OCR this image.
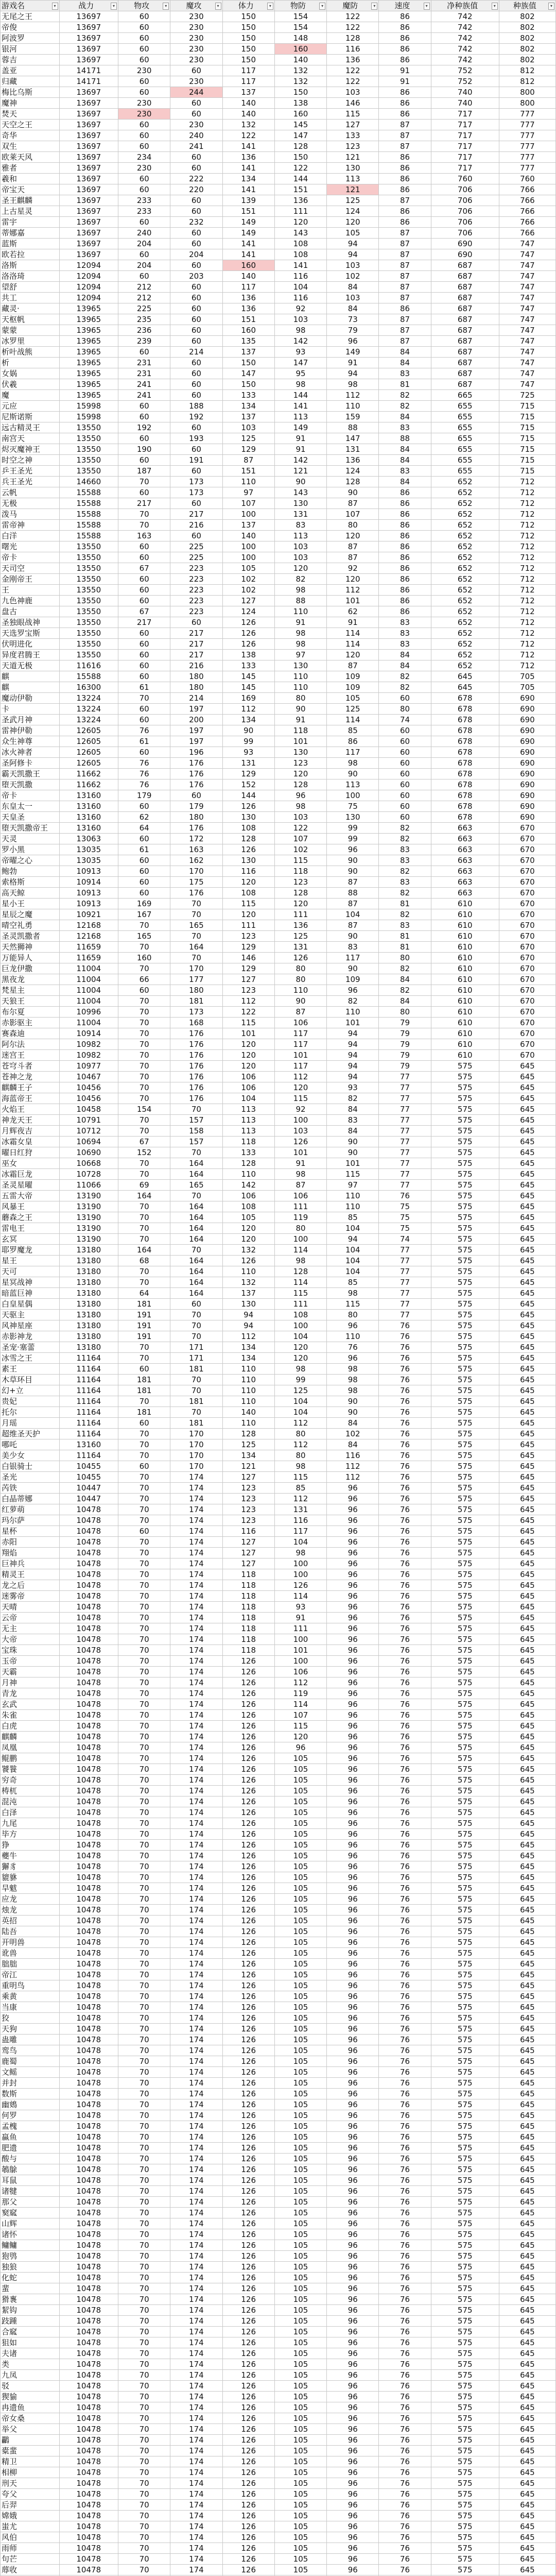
游戏名 ▾	战力 ▾	物攻 ▾	魔攻 ▾	体力 ▾	物防 ▾	魔防 ▾	速度 ▾	净种族值 ▾	种族值 ▾

无尾之王	13697	60	230	150	154	122	86	742	802
帝俊	13697	60	230	150	154	122	86	742	802
阿波罗	13697	60	230	150	148	128	86	742	802
银河	13697	60	230	150	160	116	86	742	802
蓉吉	13697	60	230	150	140	136	86	742	802
盖亚	14171	230	60	117	132	122	91	752	812
归藏	14171	60	230	117	132	122	91	752	812
梅比乌斯	13697	60	244	137	150	103	86	740	800
魔神	13697	230	60	140	138	146	86	740	800
焚天	13697	230	60	140	160	115	86	717	777
天空之王	13697	60	230	132	145	127	87	717	777
奇华	13697	60	240	122	147	133	87	717	777
双生	13697	60	241	141	128	123	87	717	777
欧莱天风	13697	234	60	136	150	121	86	717	777
雅者	13697	230	60	141	122	130	86	717	777
羲和	13697	60	222	134	144	113	86	760	760
帝宝天	13697	60	220	141	151	121	86	706	766
圣王麒麟	13697	233	60	139	136	125	87	706	766
上古星灵	13697	233	60	151	111	124	86	706	766
雷宇	13697	60	232	149	120	120	86	706	766
蒂娜嘉	13697	240	60	149	143	105	87	706	766
蓝斯	13697	204	60	141	108	94	87	690	747
欧若拉	13697	60	204	141	108	94	87	690	747
洛斯	12094	204	60	160	141	103	87	687	747
洛洛琦	12094	60	203	140	116	102	87	687	747
望舒	12094	212	60	117	104	84	87	687	747
共工	12094	212	60	136	116	103	87	687	747
藏灵·	13965	225	60	136	92	84	86	687	747
天枢帆	13965	235	60	151	103	73	87	687	747
蒙蒙	13965	236	60	160	98	79	87	687	747
冰罗里	13965	239	60	135	142	96	87	687	747
析叶战熊	13965	60	214	137	93	149	84	687	747
析	13965	231	60	150	147	91	84	687	747
女娲	13965	231	60	147	95	94	83	687	747
伏羲	13965	241	60	150	98	98	81	687	747
魔	13965	241	60	133	144	112	82	665	725
元应	15998	60	188	134	141	110	82	655	715
尼斯诺斯	15998	60	192	137	113	159	84	655	715
远古精灵王	13550	192	60	103	149	88	83	655	715
南宫天	13550	60	193	125	91	147	88	655	715
烬灭魔神王	13550	190	60	129	91	131	84	655	715
时空之神	13550	60	191	87	142	136	84	655	715
乒王圣光	13550	187	60	151	121	124	83	655	715
兵王圣光	14660	70	173	110	90	128	84	652	712
云帆	15588	60	173	97	143	90	86	652	712
无极	15588	217	60	107	130	87	86	652	712
泼马	15588	70	217	100	131	107	86	652	712
雷帝神	15588	70	216	137	83	80	86	652	712
白洋	15588	163	60	140	113	120	86	652	712
曙光	13550	60	225	100	103	87	86	652	712
帝卡	13550	60	225	100	103	87	86	652	712
天司空	13550	67	223	105	120	92	86	652	712
金刚帝王	13550	60	223	102	82	120	86	652	712
王	13550	60	223	102	98	112	86	652	712
九色神鹿	13550	60	223	127	88	101	86	652	712
盘古	13550	67	223	124	110	62	86	652	712
圣独眼战神	13550	217	60	126	91	91	83	652	712
天选罗宝斯	13550	60	217	126	98	114	83	652	712
伏明进化	13550	60	217	126	98	114	83	652	712
异度君腾王	13550	60	217	138	97	120	84	652	712
天道无极	11616	60	216	133	130	87	84	652	712
麒	15588	60	180	145	110	109	82	645	705
麒	16300	61	180	145	110	109	82	645	705
魔动伊勒	13224	70	214	169	80	105	60	678	690
卡	13224	60	197	112	90	125	80	678	690
圣武月神	13224	60	200	134	91	114	74	678	690
雷神伊勒	12605	76	197	90	118	85	60	678	690
众生神尊	12605	61	197	99	101	86	60	678	690
冰火神者	12605	60	196	93	130	117	60	678	690
圣阿修卡	12605	76	176	131	123	98	60	678	690
霸天凯撒王	11662	76	176	129	120	90	60	678	690
堕天凯撒	11662	76	176	152	128	113	60	678	690
帝卡	13160	179	60	144	96	100	60	678	690
东皇太一	13160	60	179	126	98	75	60	678	690
天皇圣	13160	62	180	130	103	130	60	678	690
堕天凯撒帝王	13160	64	176	108	122	99	82	663	670
天灵	13063	60	172	128	107	99	82	663	670
罗小黑	13035	61	163	126	102	96	83	663	670
帝曜之心	13035	60	162	130	115	90	83	663	670
鲍勃	10913	60	170	116	118	90	82	663	670
索格斯	10914	60	175	120	123	87	83	663	670
高天鲸	10913	60	176	108	128	88	82	663	670
星小王	10913	169	70	115	120	87	81	610	670
星辰之魔	10921	167	70	120	111	104	82	610	670
晴空礼勇	12168	70	165	111	136	87	83	610	670
圣灵凯撒者	12168	165	70	123	125	90	81	610	670
天然狮神	11659	70	164	129	131	83	81	610	670
万能异人	11659	160	70	146	126	117	80	610	670
巨龙伊撒	11004	70	170	129	80	90	82	610	670
黑夜龙	11004	66	177	127	80	109	84	610	670
梵星主	11004	60	180	123	110	96	82	610	670
天狼王	11004	70	181	112	90	82	84	610	670
布尔夏	10996	70	173	122	87	110	80	610	670
赤影驱主	11004	70	168	115	106	101	79	610	670
赛森迪	10914	70	176	101	117	94	79	610	670
阿尔法	10982	70	176	120	117	94	79	610	670
迷宫王	10982	70	176	120	101	94	79	610	670
苍穹斗者	10977	70	176	120	117	94	79	575	645
苍神之龙	10467	70	176	106	112	94	77	575	645
麒麟王子	10456	70	176	106	120	93	77	575	645
海蓝帝王	10456	70	176	104	115	82	77	575	645
火焰王	10458	154	70	113	92	84	77	575	645
神龙天王	10791	70	157	113	100	83	77	575	645
月辉夜吉	10712	70	158	113	103	84	77	575	645
冰霜女皇	10694	67	157	118	126	90	77	575	645
曜日红狩	10690	152	70	133	101	90	77	575	645
巫女	10668	70	164	128	91	101	77	575	645
冰霜巨龙	10728	70	164	110	98	115	77	575	645
圣灵星曜	11066	69	165	142	87	97	77	575	645
五雷大帝	13190	164	70	106	106	110	76	575	645
风暴王	13190	70	164	108	111	110	75	575	645
蘑森之王	13190	70	164	105	119	85	75	575	645
雷电王	13190	70	164	120	80	104	75	575	645
玄冥	13190	70	164	120	100	94	74	575	645
耶罗魔龙	13180	164	70	132	114	104	77	575	645
星王	13180	68	164	126	98	104	77	575	645
天可	13180	70	164	110	128	104	77	575	645
星冥战神	13180	70	164	132	114	85	77	575	645
暗蓝巨神	13180	64	164	137	115	98	77	575	645
白皇星偶	13180	181	60	130	111	115	77	575	645
天驱主	13180	191	70	94	108	80	77	575	645
风神星座	13180	191	70	94	100	96	76	575	645
赤影神龙	13180	191	70	112	104	110	76	575	645
圣宠·塞蕾	13180	70	171	134	120	76	76	575	645
冰雪之王	11164	70	171	134	120	96	76	575	645
素王	11164	60	181	110	98	98	76	575	645
木草环目	11164	181	70	110	99	98	76	575	645
幻+立	11164	181	70	110	125	98	76	575	645
贵妃	11164	70	181	110	104	90	76	575	645
托尔	11164	181	70	140	104	90	76	575	645
月瑶	11164	60	181	110	112	84	76	575	645
超维圣天护	11164	70	170	128	80	102	76	575	645
哪吒	13160	70	170	125	112	84	76	575	645
美少女	11164	70	170	134	80	116	76	575	645
白银骑士	10455	60	170	121	98	112	76	575	645
圣光	10455	70	174	127	115	112	76	575	645
芮铁	10447	70	174	123	85	96	76	575	645
白晶蒂娜	10447	70	174	123	112	96	76	575	645
红萝萌	10478	70	174	123	131	96	76	575	645
玛尔萨	10478	70	174	123	116	96	76	575	645
星杯	10478	60	174	116	117	96	76	575	645
赤阳	10478	70	174	127	104	96	76	575	645
翔焰	10478	70	174	127	98	96	76	575	645
巨神兵	10478	70	174	127	100	96	76	575	645
精灵王	10478	70	174	118	100	96	76	575	645
龙之后	10478	70	174	118	126	96	76	575	645
迷雾帝	10478	70	174	118	114	96	76	575	645
天晴	10478	70	174	118	93	96	76	575	645
云帝	10478	70	174	118	91	96	76	575	645
无主	10478	70	174	118	111	96	76	575	645
大帝	10478	70	174	118	100	96	76	575	645
宝珠	10478	70	174	118	101	96	76	575	645
玉帝	10478	70	174	126	100	96	76	575	645
天霸	10478	70	174	126	106	96	76	575	645
月神	10478	70	174	126	112	96	76	575	645
青龙	10478	70	174	126	119	96	76	575	645
玄武	10478	70	174	126	114	96	76	575	645
朱雀	10478	70	174	126	107	96	76	575	645
白虎	10478	70	174	126	115	96	76	575	645
麒麟	10478	70	174	126	120	96	76	575	645
凤凰	10478	70	174	126	96	96	76	575	645
鲲鹏	10478	70	174	126	105	96	76	575	645
饕餮	10478	70	174	126	105	96	76	575	645
穷奇	10478	70	174	126	105	96	76	575	645
梼杌	10478	70	174	126	105	96	76	575	645
混沌	10478	70	174	126	105	96	76	575	645
白泽	10478	70	174	126	105	96	76	575	645
九尾	10478	70	174	126	105	96	76	575	645
毕方	10478	70	174	126	105	96	76	575	645
狰	10478	70	174	126	105	96	76	575	645
夔牛	10478	70	174	126	105	96	76	575	645
獬豸	10478	70	174	126	105	96	76	575	645
貔貅	10478	70	174	126	105	96	76	575	645
旱魃	10478	70	174	126	105	96	76	575	645
应龙	10478	70	174	126	105	96	76	575	645
烛龙	10478	70	174	126	105	96	76	575	645
英招	10478	70	174	126	105	96	76	575	645
陆吾	10478	70	174	126	105	96	76	575	645
开明兽	10478	70	174	126	105	96	76	575	645
讹兽	10478	70	174	126	105	96	76	575	645
朏朏	10478	70	174	126	105	96	76	575	645
帝江	10478	70	174	126	105	96	76	575	645
重明鸟	10478	70	174	126	105	96	76	575	645
乘黄	10478	70	174	126	105	96	76	575	645
当康	10478	70	174	126	105	96	76	575	645
狡	10478	70	174	126	105	96	76	575	645
天狗	10478	70	174	126	105	96	76	575	645
蛊雕	10478	70	174	126	105	96	76	575	645
鸾鸟	10478	70	174	126	105	96	76	575	645
鹿蜀	10478	70	174	126	105	96	76	575	645
文鳐	10478	70	174	126	105	96	76	575	645
并封	10478	70	174	126	105	96	76	575	645
数斯	10478	70	174	126	105	96	76	575	645
幽鴳	10478	70	174	126	105	96	76	575	645
何罗	10478	70	174	126	105	96	76	575	645
孟槐	10478	70	174	126	105	96	76	575	645
蠃鱼	10478	70	174	126	105	96	76	575	645
肥遗	10478	70	174	126	105	96	76	575	645
酸与	10478	70	174	126	105	96	76	575	645
鵸鵌	10478	70	174	126	105	96	76	575	645
耳鼠	10478	70	174	126	105	96	76	575	645
诸犍	10478	70	174	126	105	96	76	575	645
那父	10478	70	174	126	105	96	76	575	645
窫窳	10478	70	174	126	105	96	76	575	645
山辉	10478	70	174	126	105	96	76	575	645
诸怀	10478	70	174	126	105	96	76	575	645
鳙鳙	10478	70	174	126	105	96	76	575	645
狍鸮	10478	70	174	126	105	96	76	575	645
独狼	10478	70	174	126	105	96	76	575	645
化蛇	10478	70	174	126	105	96	76	575	645
蜚	10478	70	174	126	105	96	76	575	645
猾褢	10478	70	174	126	105	96	76	575	645
絜钩	10478	70	174	126	105	96	76	575	645
跂踵	10478	70	174	126	105	96	76	575	645
合窳	10478	70	174	126	105	96	76	575	645
狙如	10478	70	174	126	105	96	76	575	645
夫诸	10478	70	174	126	105	96	76	575	645
类	10478	70	174	126	105	96	76	575	645
九凤	10478	70	174	126	105	96	76	575	645
驳	10478	70	174	126	105	96	76	575	645
猰貐	10478	70	174	126	105	96	76	575	645
冉遗鱼	10478	70	174	126	105	96	76	575	645
帝女桑	10478	70	174	126	105	96	76	575	645
举父	10478	70	174	126	105	96	76	575	645
鸓	10478	70	174	126	105	96	76	575	645
橐蜚	10478	70	174	126	105	96	76	575	645
精卫	10478	70	174	126	105	96	76	575	645
相柳	10478	70	174	126	105	96	76	575	645
刑天	10478	70	174	126	105	96	76	575	645
夸父	10478	70	174	126	105	96	76	575	645
后羿	10478	70	174	126	105	96	76	575	645
嫦娥	10478	70	174	126	105	96	76	575	645
蚩尤	10478	70	174	126	105	96	76	575	645
风伯	10478	70	174	126	105	96	76	575	645
雨师	10478	70	174	126	105	96	76	575	645
句芒	10478	70	174	126	105	96	76	575	645
蓐收	10478	70	174	126	105	96	76	575	645
